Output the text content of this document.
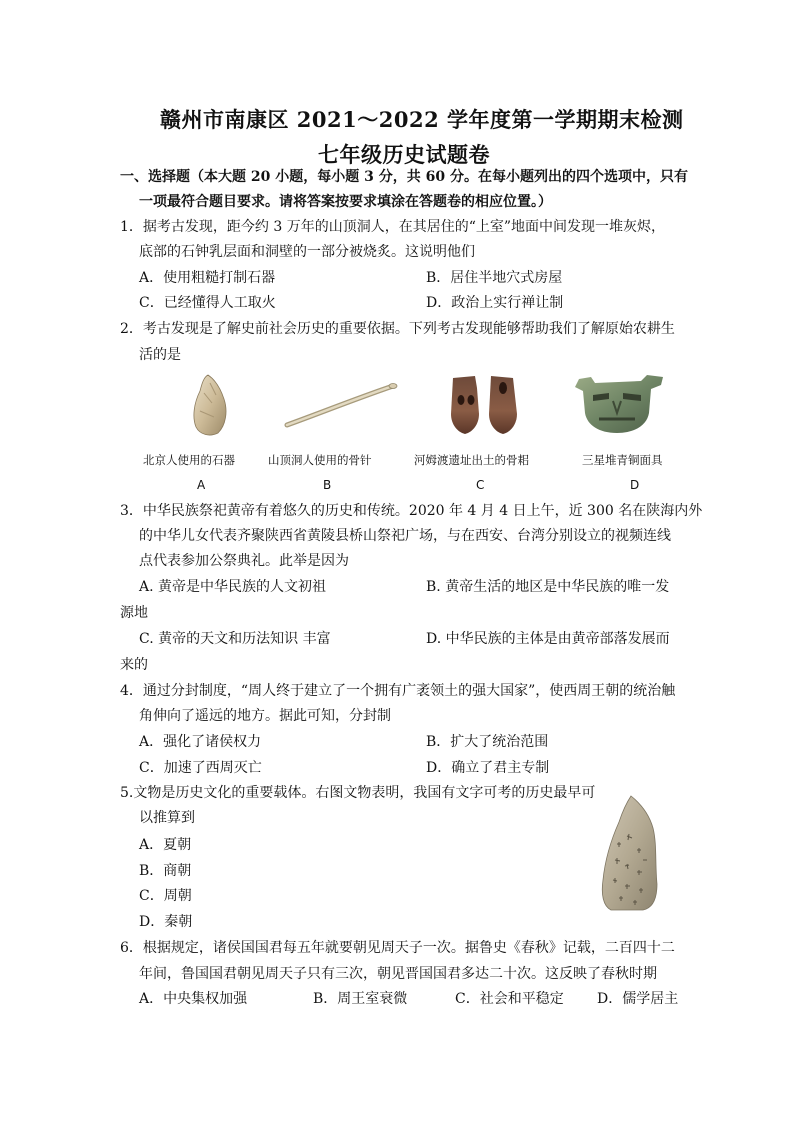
赣州市南康区 2021～2022 学年度第一学期期末检测
七年级历史试题卷
一、选择题（本大题 20 小题，每小题 3 分，共 60 分。在每小题列出的四个选项中，只有
一项最符合题目要求。请将答案按要求填涂在答题卷的相应位置。）
1．据考古发现，距今约 3 万年的山顶洞人，在其居住的“上室”地面中间发现一堆灰烬，
底部的石钟乳层面和洞壁的一部分被烧炙。这说明他们
A．使用粗糙打制石器	B．居住半地穴式房屋
C．已经懂得人工取火	D．政治上实行禅让制
2．考古发现是了解史前社会历史的重要依据。下列考古发现能够帮助我们了解原始农耕生
活的是
北京人使用的石器	山顶洞人使用的骨针	河姆渡遗址出土的骨耜	三星堆青铜面具
A	B	C	D
3．中华民族祭祀黄帝有着悠久的历史和传统。2020 年 4 月 4 日上午，近 300 名在陕海内外
的中华儿女代表齐聚陕西省黄陵县桥山祭祀广场，与在西安、台湾分别设立的视频连线
点代表参加公祭典礼。此举是因为
A. 黄帝是中华民族的人文初祖	B. 黄帝生活的地区是中华民族的唯一发
源地
C. 黄帝的天文和历法知识 丰富	D. 中华民族的主体是由黄帝部落发展而
来的
4．通过分封制度，“周人终于建立了一个拥有广袤领土的强大国家”，使西周王朝的统治触
角伸向了遥远的地方。据此可知，分封制
A．强化了诸侯权力	B．扩大了统治范围
C．加速了西周灭亡	D．确立了君主专制
5.文物是历史文化的重要载体。右图文物表明，我国有文字可考的历史最早可
以推算到
A．夏朝
B．商朝
C．周朝
D．秦朝
6．根据规定，诸侯国国君每五年就要朝见周天子一次。据鲁史《春秋》记载，二百四十二
年间，鲁国国君朝见周天子只有三次，朝见晋国国君多达二十次。这反映了春秋时期
A．中央集权加强	B．周王室衰微	C．社会和平稳定 D．儒学居主
